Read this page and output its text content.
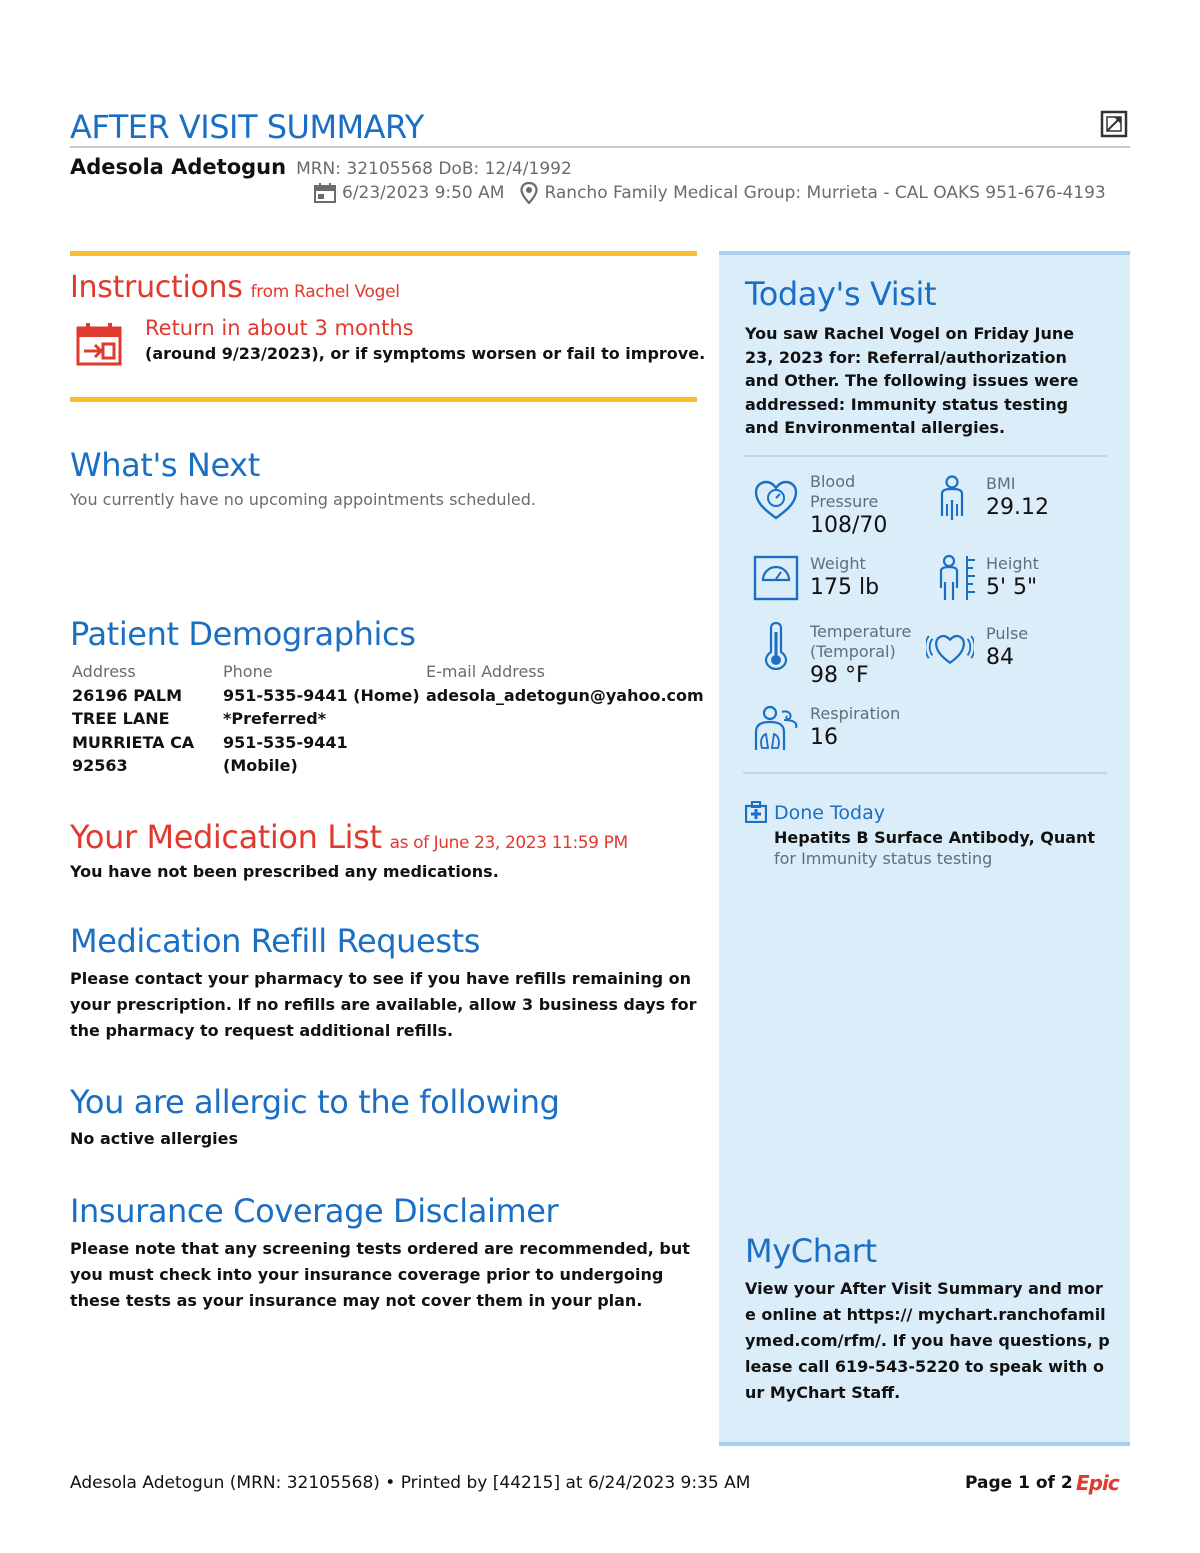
AFTER VISIT SUMMARY
Adesola Adetogun MRN: 32105568 DoB: 12/4/1992
6/23/2023 9:50 AM Rancho Family Medical Group: Murrieta - CAL OAKS 951-676-4193
Instructions from Rachel Vogel
Return in about 3 months
(around 9/23/2023), or if symptoms worsen or fail to improve.
What's Next
You currently have no upcoming appointments scheduled.
Patient Demographics
Address
26196 PALM
TREE LANE
MURRIETA CA
92563
Phone
951-535-9441 (Home)
*Preferred*
951-535-9441
(Mobile)
E-mail Address
adesola_adetogun@yahoo.com
Your Medication List as of June 23, 2023 11:59 PM
You have not been prescribed any medications.
Medication Refill Requests
Please contact your pharmacy to see if you have refills remaining on your prescription. If no refills are available, allow 3 business days for the pharmacy to request additional refills.
You are allergic to the following
No active allergies
Insurance Coverage Disclaimer
Please note that any screening tests ordered are recommended, but you must check into your insurance coverage prior to undergoing these tests as your insurance may not cover them in your plan.
Today's Visit
You saw Rachel Vogel on Friday June 23, 2023 for: Referral/authorization and Other. The following issues were addressed: Immunity status testing and Environmental allergies.
Blood
Pressure
108/70
BMI
29.12
Weight
175 lb
Height
5' 5"
Temperature
(Temporal)
98 °F
Pulse
84
Respiration
16
Done Today
Hepatits B Surface Antibody, Quant
for Immunity status testing
MyChart
View your After Visit Summary and more online at https:// mychart.ranchofamilymed.com/rfm/. If you have questions, please call 619-543-5220 to speak with our MyChart Staff.
Adesola Adetogun (MRN: 32105568) • Printed by [44215] at 6/24/2023 9:35 AM	Page 1 of 2 Epic
